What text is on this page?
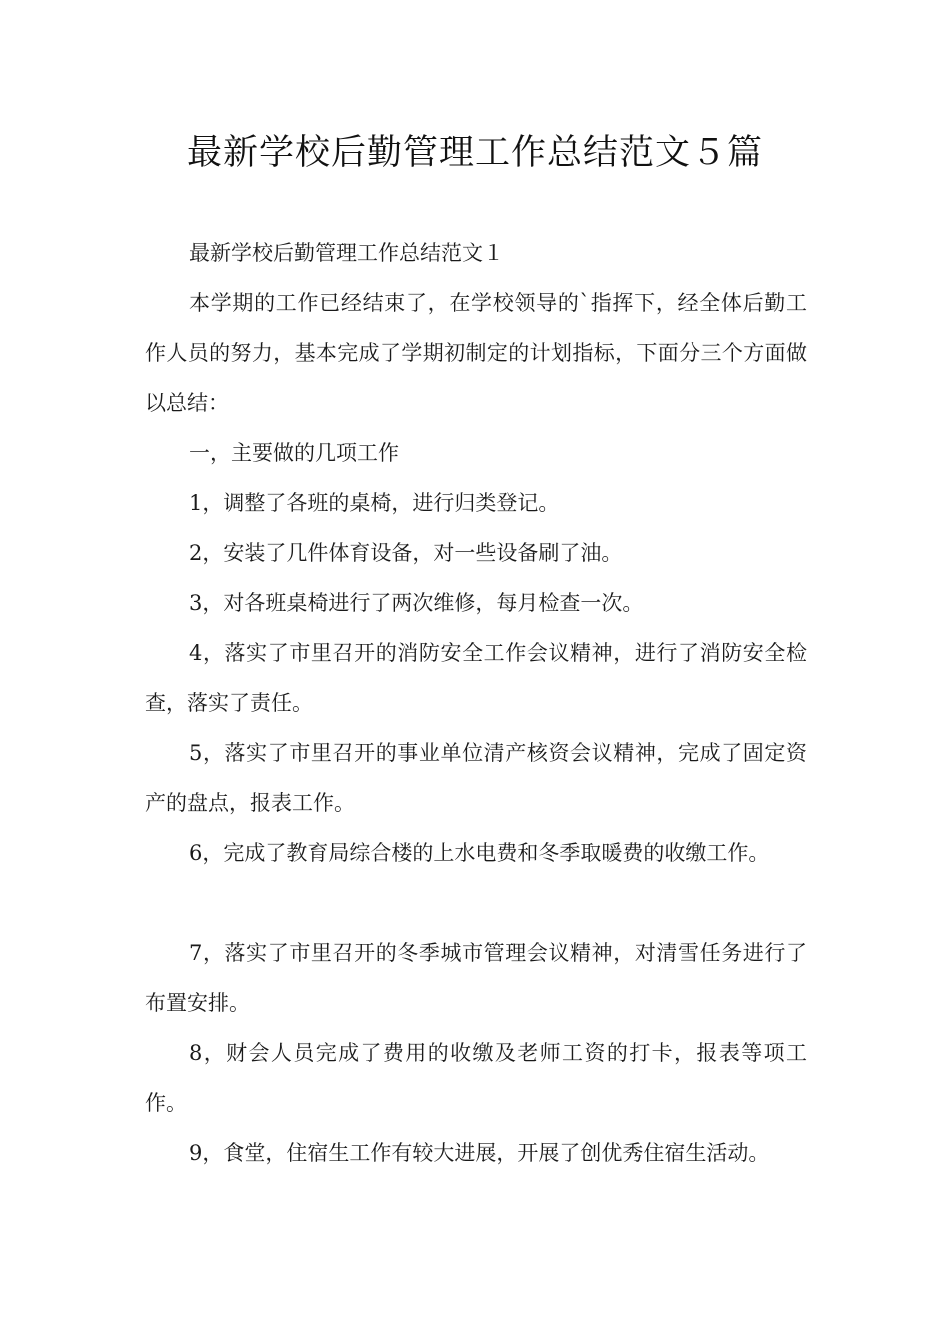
最新学校后勤管理工作总结范文５篇

最新学校后勤管理工作总结范文１

本学期的工作已经结束了，在学校领导的`指挥下，经全体后勤工作人员的努力，基本完成了学期初制定的计划指标，下面分三个方面做以总结：

一，主要做的几项工作

1，调整了各班的桌椅，进行归类登记。

2，安装了几件体育设备，对一些设备刷了油。

3，对各班桌椅进行了两次维修，每月检查一次。

4，落实了市里召开的消防安全工作会议精神，进行了消防安全检查，落实了责任。

5，落实了市里召开的事业单位清产核资会议精神，完成了固定资产的盘点，报表工作。

6，完成了教育局综合楼的上水电费和冬季取暖费的收缴工作。

7，落实了市里召开的冬季城市管理会议精神，对清雪任务进行了布置安排。

8，财会人员完成了费用的收缴及老师工资的打卡，报表等项工作。

9，食堂，住宿生工作有较大进展，开展了创优秀住宿生活动。
